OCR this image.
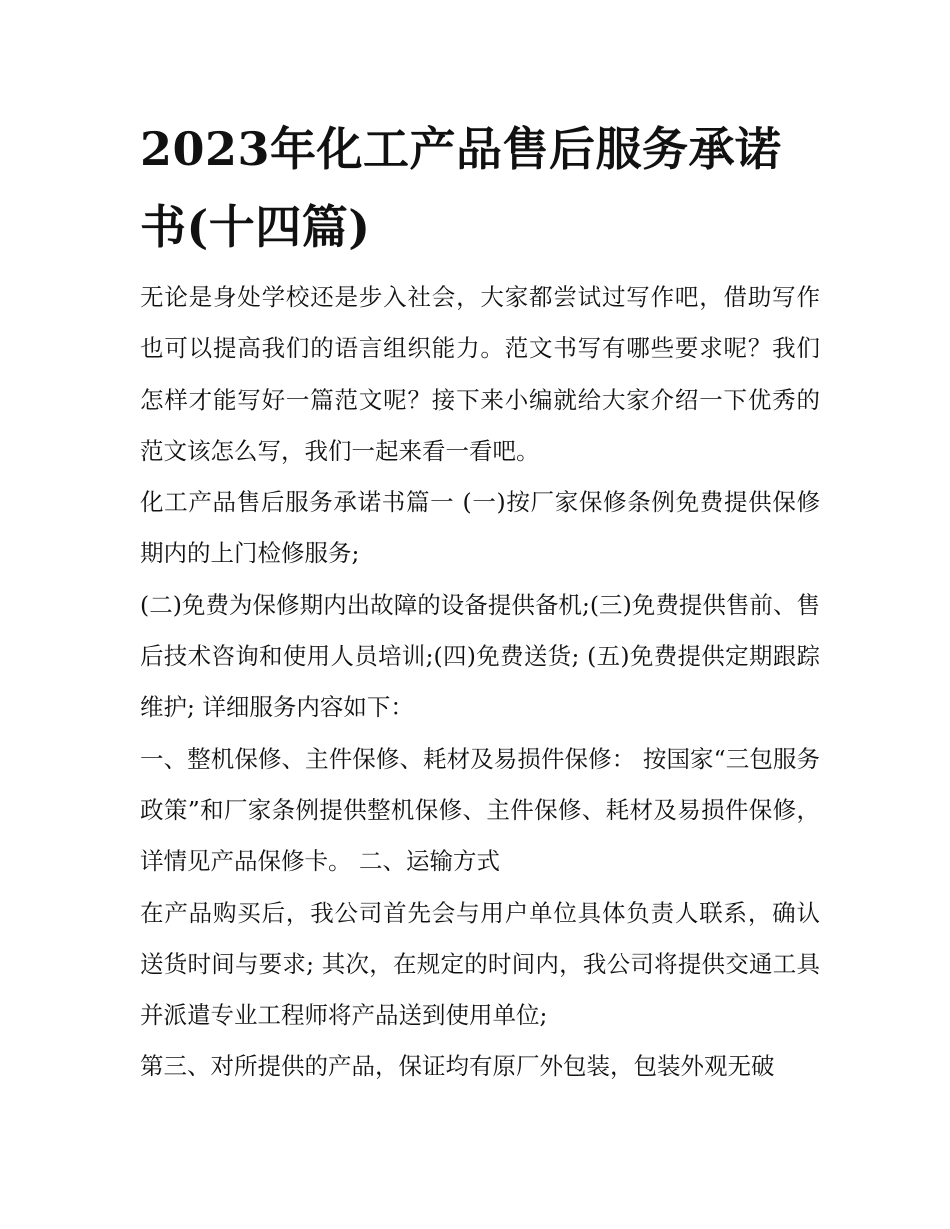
2023年化工产品售后服务承诺书(十四篇)

无论是身处学校还是步入社会，大家都尝试过写作吧，借助写作也可以提高我们的语言组织能力。范文书写有哪些要求呢？我们怎样才能写好一篇范文呢？接下来小编就给大家介绍一下优秀的范文该怎么写，我们一起来看一看吧。

化工产品售后服务承诺书篇一 (一)按厂家保修条例免费提供保修期内的上门检修服务;

(二)免费为保修期内出故障的设备提供备机;(三)免费提供售前、售后技术咨询和使用人员培训;(四)免费送货; (五)免费提供定期跟踪维护; 详细服务内容如下：

一、整机保修、主件保修、耗材及易损件保修： 按国家“三包服务政策”和厂家条例提供整机保修、主件保修、耗材及易损件保修，详情见产品保修卡。 二、运输方式

在产品购买后，我公司首先会与用户单位具体负责人联系，确认送货时间与要求; 其次，在规定的时间内，我公司将提供交通工具并派遣专业工程师将产品送到使用单位;

第三、对所提供的产品，保证均有原厂外包装，包装外观无破
